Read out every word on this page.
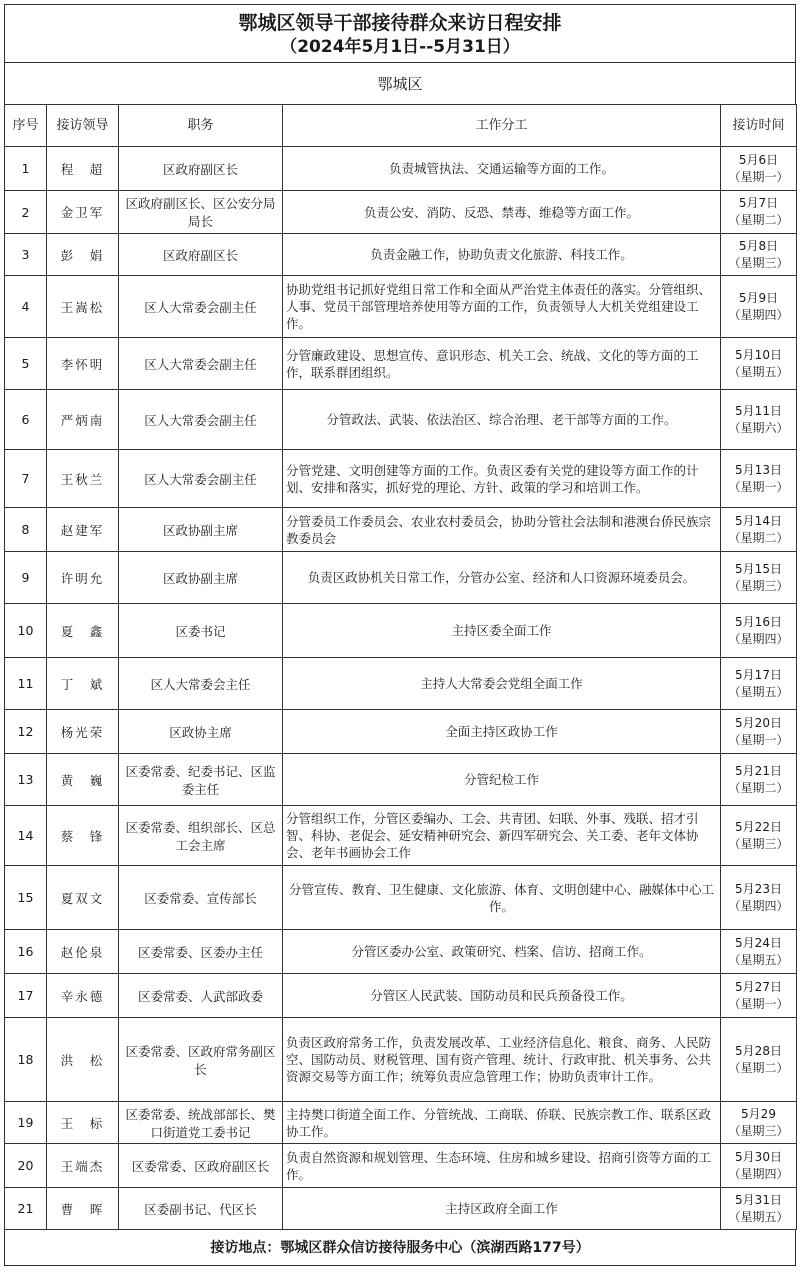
鄂城区领导干部接待群众来访日程安排
（2024年5月1日--5月31日）
鄂城区
序号	接访领导	职务	工作分工	接访时间
1	程　超	区政府副区长	负责城管执法、交通运输等方面的工作。	5月6日
（星期一）

2	金卫军	区政府副区长、区公安分局局长	负责公安、消防、反恐、禁毒、维稳等方面工作。	5月7日
（星期二）

3	彭　娟	区政府副区长	负责金融工作，协助负责文化旅游、科技工作。	5月8日
（星期三）

4	王嵩松	区人大常委会副主任	协助党组书记抓好党组日常工作和全面从严治党主体责任的落实。分管组织、人事、党员干部管理培养使用等方面的工作，负责领导人大机关党组建设工作。	5月9日
（星期四）

5	李怀明	区人大常委会副主任	分管廉政建设、思想宣传、意识形态、机关工会、统战、文化的等方面的工作，联系群团组织。	5月10日
（星期五）

6	严炳南	区人大常委会副主任	分管政法、武装、依法治区、综合治理、老干部等方面的工作。	5月11日
（星期六）

7	王秋兰	区人大常委会副主任	分管党建、文明创建等方面的工作。负责区委有关党的建设等方面工作的计划、安排和落实，抓好党的理论、方针、政策的学习和培训工作。	5月13日
（星期一）

8	赵建军	区政协副主席	分管委员工作委员会、农业农村委员会，协助分管社会法制和港澳台侨民族宗教委员会	5月14日
（星期二）

9	许明允	区政协副主席	负责区政协机关日常工作，分管办公室、经济和人口资源环境委员会。	5月15日
（星期三）

10	夏　鑫	区委书记	主持区委全面工作	5月16日
（星期四）

11	丁　斌	区人大常委会主任	主持人大常委会党组全面工作	5月17日
（星期五）

12	杨光荣	区政协主席	全面主持区政协工作	5月20日
（星期一）

13	黄　巍	区委常委、纪委书记、区监委主任	分管纪检工作	5月21日
（星期二）

14	蔡　锋	区委常委、组织部长、区总工会主席	分管组织工作，分管区委编办、工会、共青团、妇联、外事、残联、招才引智、科协、老促会、延安精神研究会、新四军研究会、关工委、老年文体协会、老年书画协会工作	5月22日
（星期三）

15	夏双文	区委常委、宣传部长	分管宣传、教育、卫生健康、文化旅游、体育、文明创建中心、融媒体中心工作。	5月23日
（星期四）

16	赵伦泉	区委常委、区委办主任	分管区委办公室、政策研究、档案、信访、招商工作。	5月24日
（星期五）

17	辛永德	区委常委、人武部政委	分管区人民武装、国防动员和民兵预备役工作。	5月27日
（星期一）

18	洪　松	区委常委、区政府常务副区长	负责区政府常务工作，负责发展改革、工业经济信息化、粮食、商务、人民防空、国防动员、财税管理、国有资产管理、统计、行政审批、机关事务、公共资源交易等方面工作；统筹负责应急管理工作；协助负责审计工作。	5月28日
（星期二）

19	王　标	区委常委、统战部部长、樊口街道党工委书记	主持樊口街道全面工作、分管统战、工商联、侨联、民族宗教工作、联系区政协工作。	5月29
（星期三）

20	王端杰	区委常委、区政府副区长	负责自然资源和规划管理、生态环境、住房和城乡建设、招商引资等方面的工作。	5月30日
（星期四）

21	曹　晖	区委副书记、代区长	主持区政府全面工作	5月31日
（星期五）
接访地点：鄂城区群众信访接待服务中心（滨湖西路177号）
